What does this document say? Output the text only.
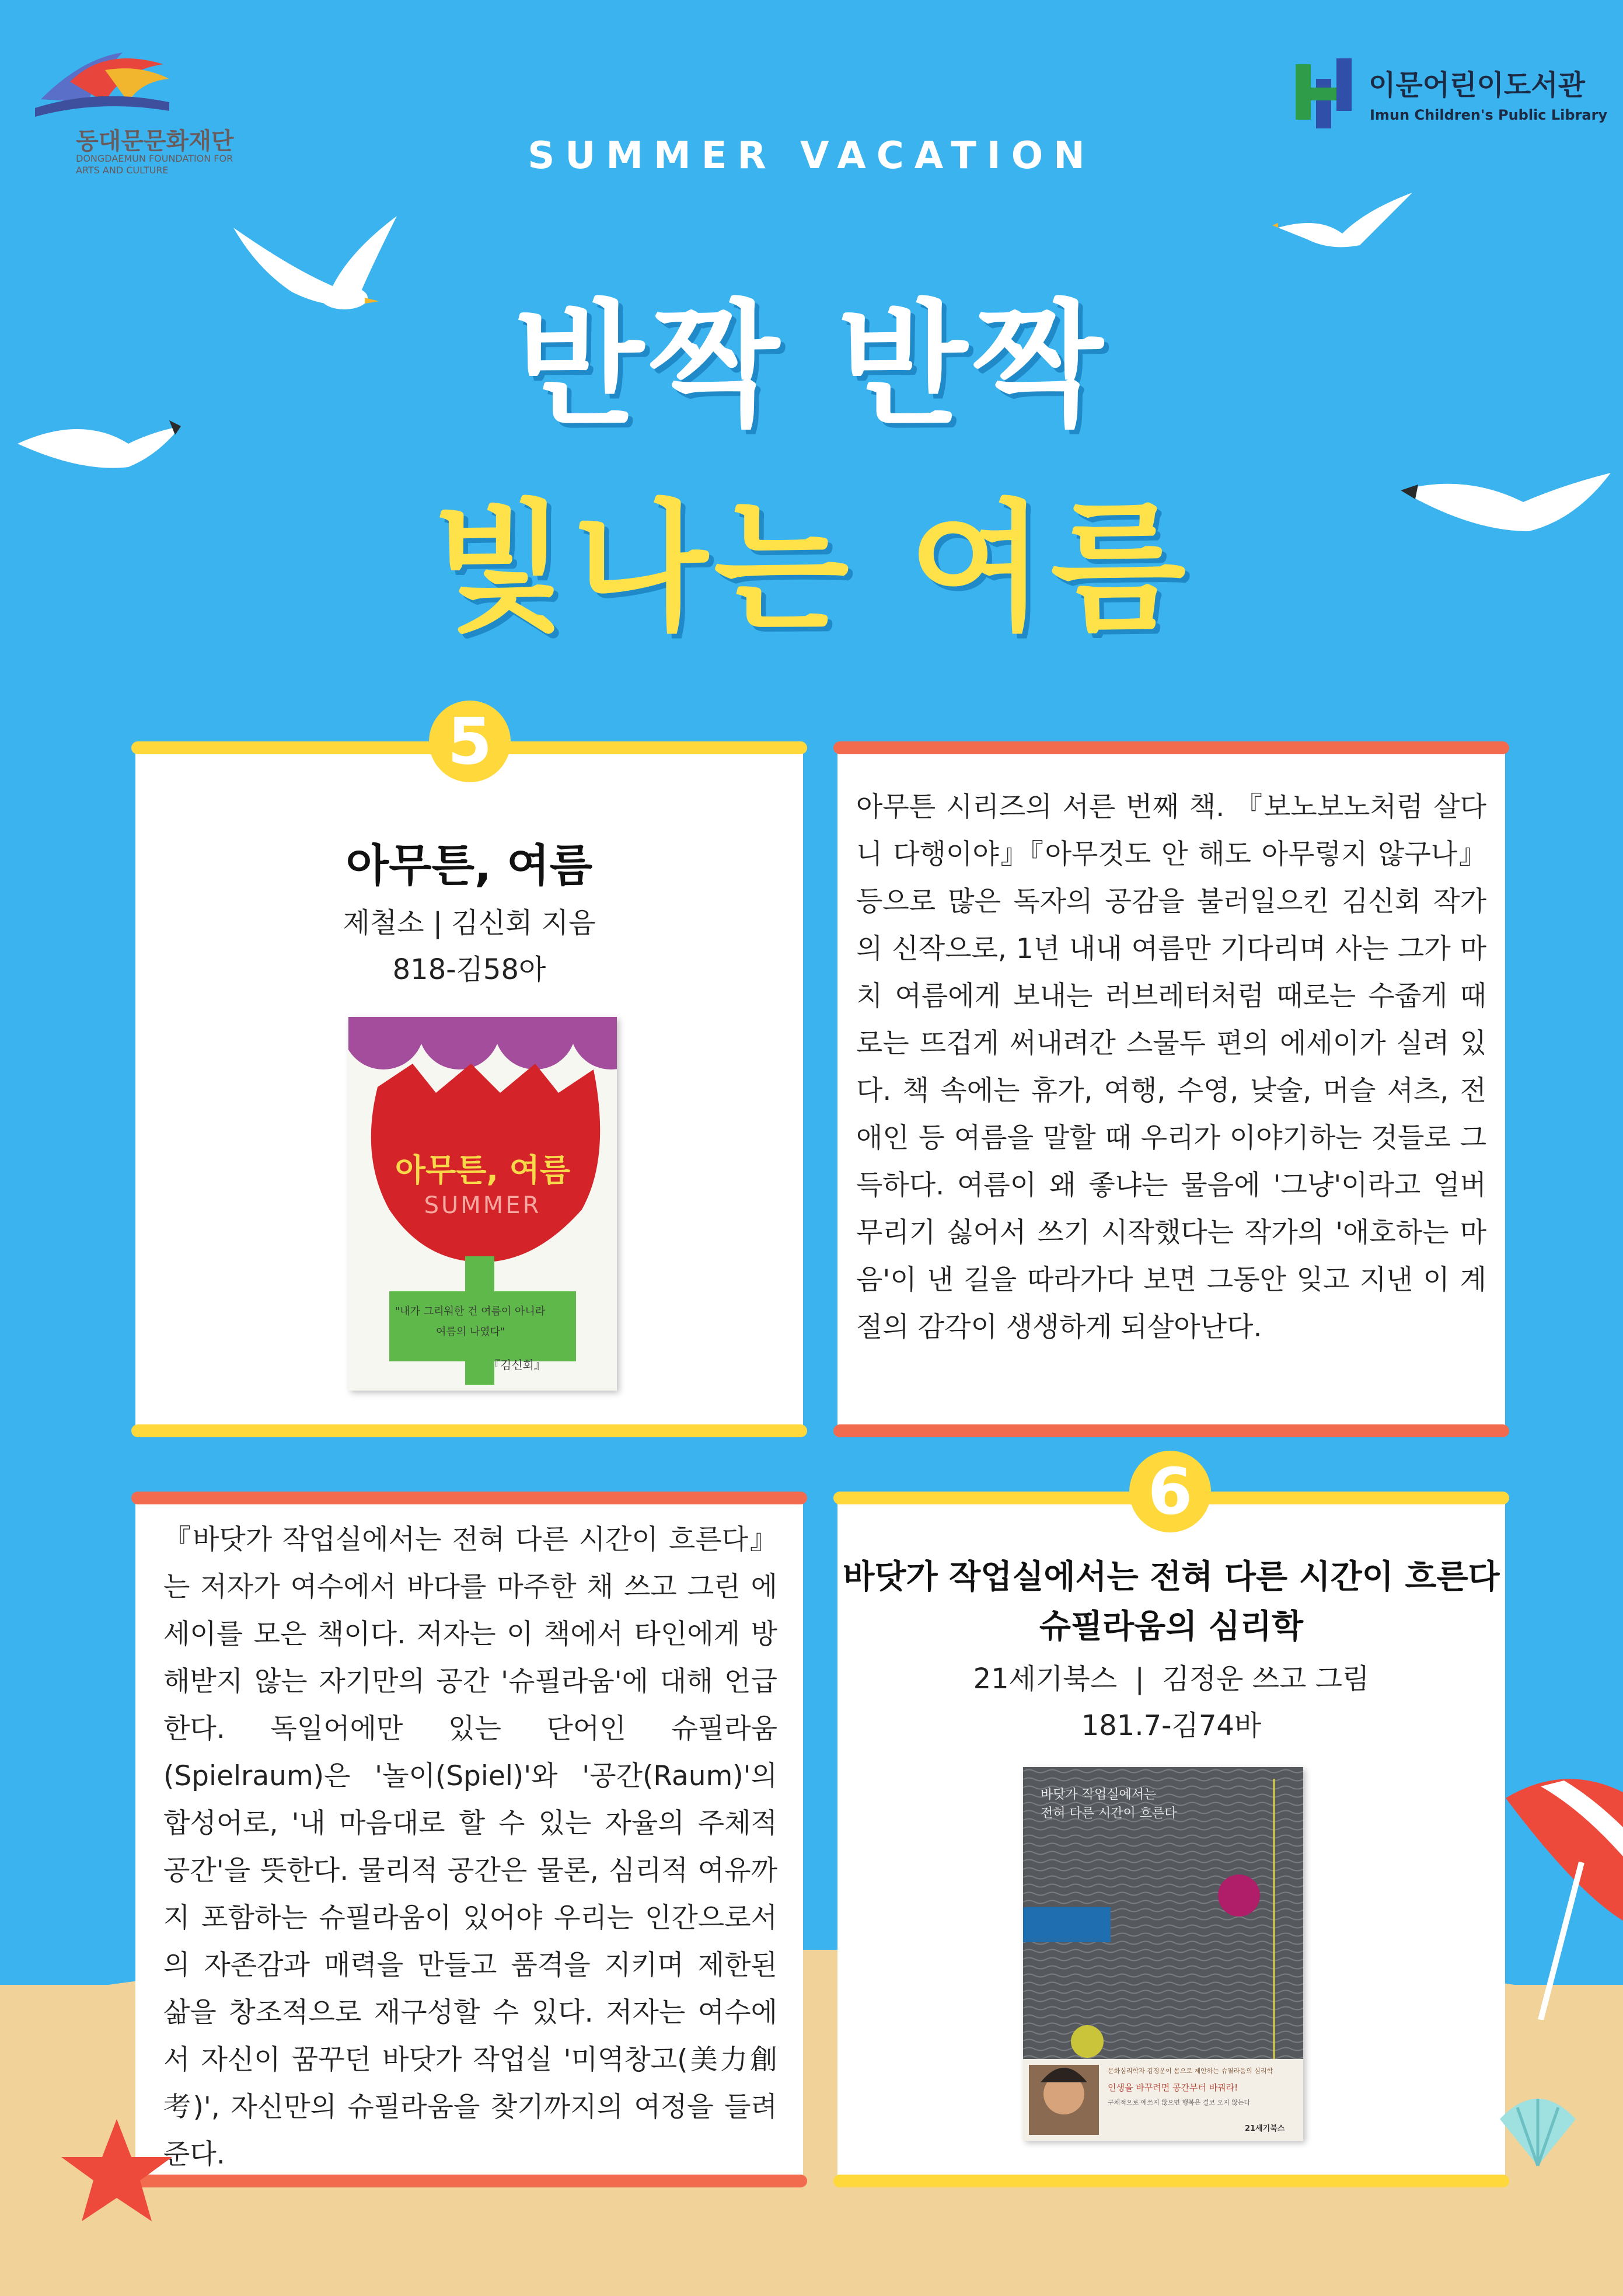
동대문문화재단
DONGDAEMUN FOUNDATION FOR ARTS AND CULTURE
이문어린이도서관
Imun Children's Public Library
SUMMER VACATION
반짝 반짝
빛나는 여름
아무튼, 여름
제철소 | 김신회 지음
818-김58아
아무튼, 여름
SUMMER
"내가 그리워한 건 여름이 아니라
여름의 나였다"
『김신회』
5
아무튼 시리즈의 서른 번째 책. 『보노보노처럼 살다니 다행이야』『아무것도 안 해도 아무렇지 않구나』 등으로 많은 독자의 공감을 불러일으킨 김신회 작가의 신작으로, 1년 내내 여름만 기다리며 사는 그가 마치 여름에게 보내는 러브레터처럼 때로는 수줍게 때로는 뜨겁게 써내려간 스물두 편의 에세이가 실려 있다. 책 속에는 휴가, 여행, 수영, 낮술, 머슬 셔츠, 전 애인 등 여름을 말할 때 우리가 이야기하는 것들로 그득하다. 여름이 왜 좋냐는 물음에 '그냥'이라고 얼버무리기 싫어서 쓰기 시작했다는 작가의 '애호하는 마음'이 낸 길을 따라가다 보면 그동안 잊고 지낸 이 계절의 감각이 생생하게 되살아난다.
『바닷가 작업실에서는 전혀 다른 시간이 흐른다』는 저자가 여수에서 바다를 마주한 채 쓰고 그린 에세이를 모은 책이다. 저자는 이 책에서 타인에게 방해받지 않는 자기만의 공간 '슈필라움'에 대해 언급한다. 독일어에만 있는 단어인 슈필라움(Spielraum)은 '놀이(Spiel)'와 '공간(Raum)'의 합성어로, '내 마음대로 할 수 있는 자율의 주체적 공간'을 뜻한다. 물리적 공간은 물론, 심리적 여유까지 포함하는 슈필라움이 있어야 우리는 인간으로서의 자존감과 매력을 만들고 품격을 지키며 제한된 삶을 창조적으로 재구성할 수 있다. 저자는 여수에서 자신이 꿈꾸던 바닷가 작업실 '미역창고(美力創考)', 자신만의 슈필라움을 찾기까지의 여정을 들려준다.
바닷가 작업실에서는 전혀 다른 시간이 흐른다
슈필라움의 심리학
21세기북스  |  김정운 쓰고 그림
181.7-김74바
바닷가 작업실에서는
전혀 다른 시간이 흐른다
문화심리학자 김정운이 몸으로 제안하는 슈필라움의 심리학
인생을 바꾸려면 공간부터 바꿔라!
구체적으로 애쓰지 않으면 행복은 결코 오지 않는다
21세기북스
6
